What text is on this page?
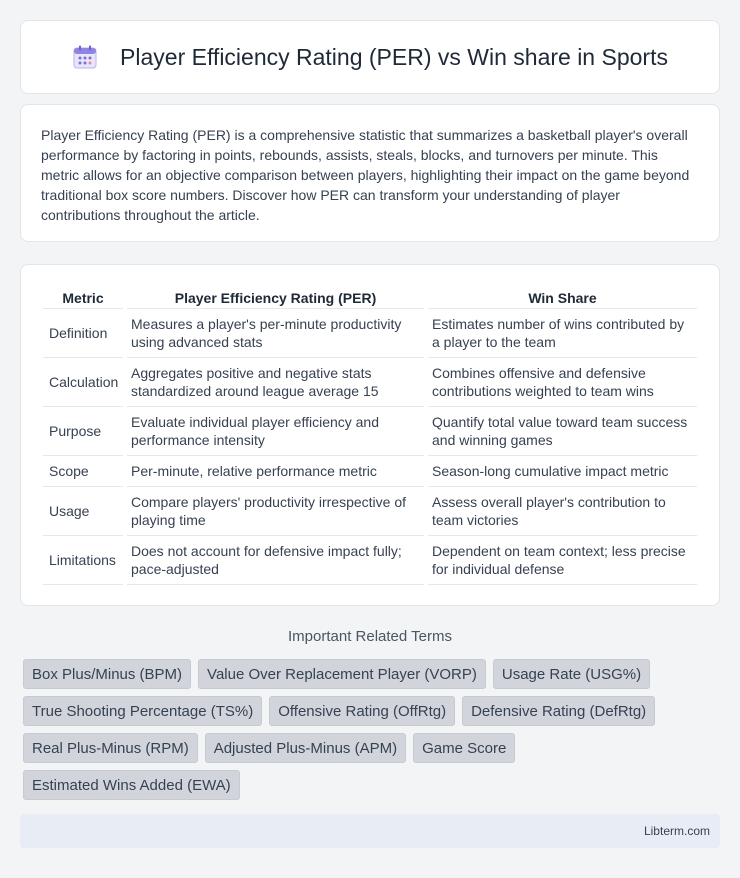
Player Efficiency Rating (PER) vs Win share in Sports

Player Efficiency Rating (PER) is a comprehensive statistic that summarizes a basketball player's overall performance by factoring in points, rebounds, assists, steals, blocks, and turnovers per minute. This metric allows for an objective comparison between players, highlighting their impact on the game beyond traditional box score numbers. Discover how PER can transform your understanding of player contributions throughout the article.

Metric	Player Efficiency Rating (PER)	Win Share
Definition	Measures a player's per-minute productivity using advanced stats	Estimates number of wins contributed by a player to the team
Calculation	Aggregates positive and negative stats standardized around league average 15	Combines offensive and defensive contributions weighted to team wins
Purpose	Evaluate individual player efficiency and performance intensity	Quantify total value toward team success and winning games
Scope	Per-minute, relative performance metric	Season-long cumulative impact metric
Usage	Compare players' productivity irrespective of playing time	Assess overall player's contribution to team victories
Limitations	Does not account for defensive impact fully; pace-adjusted	Dependent on team context; less precise for individual defense
Important Related Terms
Box Plus/Minus (BPM)	Value Over Replacement Player (VORP)	Usage Rate (USG%)
True Shooting Percentage (TS%)	Offensive Rating (OffRtg)	Defensive Rating (DefRtg)
Real Plus-Minus (RPM)	Adjusted Plus-Minus (APM)	Game Score
Estimated Wins Added (EWA)
Libterm.com
